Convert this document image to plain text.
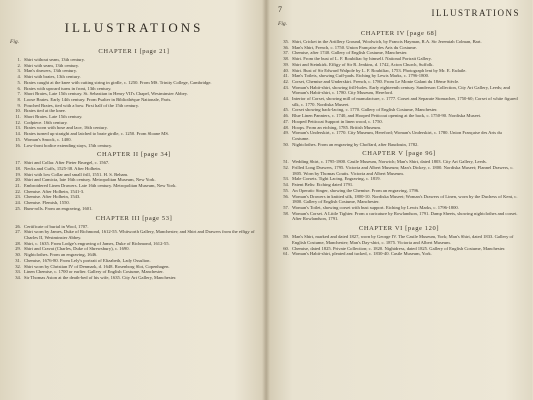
ILLUSTRATIONS
Fig.
CHAPTER I [page 21]
1. Shirt without seam, 13th century.
2. Shirt with seam, 13th century.
3. Man's drawers, 13th century.
4. Shirt with braies, 13th century.
5. Braies caught at the knee with cutting string in girdle, c. 1250. From MS. Trinity College, Cambridge.
6. Braies with upward turns in front, 13th century.
7. Short Braies, Late 15th century. St. Sebastian in Henry VII's Chapel, Westminster Abbey.
8. Loose Braies. Early 14th century. From Psalter in Bibliothèque Nationale, Paris.
9. Pouched Braies, tied with a bow. First half of the 15th century.
10. Braies tied at the knee.
11. Short Braies. Late 15th century.
12. Codpiece. 16th century.
13. Braies worn with hose and lace, 16th century.
14. Braies turned up straight and latched to braie girdle, c. 1250. From Sloane MS.
15. Woman's Smock, c. 1400.
16. Low-front bodice extending stays, 15th century.
CHAPTER II [page 34]
17. Shirt and Collar. After Pieter Bruegel, c. 1567.
18. Necks and Cuffs, 1525-38. After Holbein.
19. Shirt with low Collar and small frill, 1551. H. S. Beham.
20. Shirt and Camicia, late 16th century. Metropolitan Museum, New York.
21. Embroidered Linen Drawers. Late 16th century. Metropolitan Museum, New York.
22. Chemise. After Holbein, 1541-3.
23. Chemise. After Holbein, 1543.
24. Chemise. Flemish, 1550.
25. Bum-rolls. From an engraving, 1601.
CHAPTER III [page 53]
26. Certificate of burial in Wool, 1707.
27. Shirt worn by James, Duke of Richmond, 1612-55. Whitworth Gallery, Manchester; and Shirt and Drawers from the effigy of Charles II, Westminster Abbey.
28. Shirt, c. 1635. From Lodge's engraving of James, Duke of Richmond, 1612-55.
29. Shirt and Cravat (Charles, Duke of Shrewsbury), c. 1690.
30. Nightclothes. From an engraving, 1646.
31. Chemise, 1676-80. From Lely's portrait of Elizabeth, Lady Ossulton.
32. Shirt worn by Christian IV of Denmark, d. 1648. Rosenborg Slot, Copenhagen.
33. Linen Chemise, c. 1700 or earlier. Gallery of English Costume, Manchester.
34. Sir Thomas Aston at the death-bed of his wife, 1635. City Art Gallery, Manchester.
7	ILLUSTRATIONS
Fig.
CHAPTER IV [page 68]
35. Shirt, Cricket in the Artillery Ground, Woolwich, by Francis Hayman, R.A. Sir Jeremiah Colman, Bart.
36. Man's Shirt, French, c. 1750. Union Française des Arts du Costume.
37. Chemise, after 1740. Gallery of English Costume, Manchester.
38. Shirt. From the bust of L. F. Roubiliac by himself. National Portrait Gallery.
39. Shirt and Steinkirk. Effigy of Sir R. Jenkins, d. 1742, Acton Church, Suffolk.
40. Shirt. Bust of Sir Edward Walpole by L. F. Roubiliac, 1753. Photograph lent by Mr. E. Esdaile.
41. Man's Toilets, showing Cuff-pads. Etching by Lewis Marks, c. 1796-1800.
42. Corset, Chemise and Underskirt. French, c. 1780. From Le Monte Galant du 18ème Siècle.
43. Woman's Habit-shirt, showing frill-holes. Early eighteenth century. Sanderson Collection, City Art Gallery, Leeds; and Woman's Habit-shirt, c. 1780. City Museum, Hereford.
44. Interior of Corset, showing mill of manufacture, c. 1777. Corset and Separate Stomacher, 1750-60; Corset of white figured silk, c. 1770. Nordiska Museet.
45. Corset showing back-lacing, c. 1770. Gallery of English Costume, Manchester.
46. Blue Linen Panniers, c. 1740, and Hooped Petticoat opening at the back, c. 1750-90. Nordiska Museet.
47. Hooped Petticoat Support in linen wood, c. 1750.
48. Hoops. From an etching, 1785. British Museum.
49. Woman's Underskirt, c. 1770. City Museum, Hereford; Woman's Underskirt, c. 1780. Union Française des Arts du Costume.
50. Nightclothes. From an engraving by Choffard, after Baudouin, 1782.
CHAPTER V [page 96]
51. Wedding Shirt, c. 1795-1800. Castle Museum, Norwich; Man's Shirt, dated 1803. City Art Gallery, Leeds.
52. Frilled Long Drawers, 1795. Victoria and Albert Museum; Man's Dickey, c. 1800. Nordiska Museet; Flannel Drawers, c. 1805. Worn by Thomas Coutts. Victoria and Albert Museum.
53. Male Corsets. Tight Lacing. Engraving, c. 1819.
54. Patent Belts: Etching dated 1791.
55. An Operatic Singer, showing the Chemise. From an engraving, 1796.
56. Woman's Drawers in knitted silk, 1800-10. Nordiska Museet; Woman's Drawers of Linen, worn by the Duchess of Kent, c. 1800. Gallery of English Costume, Manchester.
57. Woman's Toilet, showing corset with bust support. Etching by Lewis Marks, c. 1796-1800.
58. Woman's Corset. A Little Tighter. From a caricature by Rowlandson, 1791. Damp Sheets, showing nightclothes and corset. After Rowlandson, 1791.
CHAPTER VI [page 120]
59. Man's Shirt, marked and dated 1827, worn by George IV. The Castle Museum, York; Man's Shirt, dated 1833. Gallery of English Costume, Manchester; Man's Day-shirt, c. 1875. Victoria and Albert Museum.
60. Chemise, dated 1825. Private Collection; c. 1820. Nightdress, dated 1825. Gallery of English Costume, Manchester.
61. Woman's Habit-shirt, pleated and tucked, c. 1830-40. Castle Museum, York.
